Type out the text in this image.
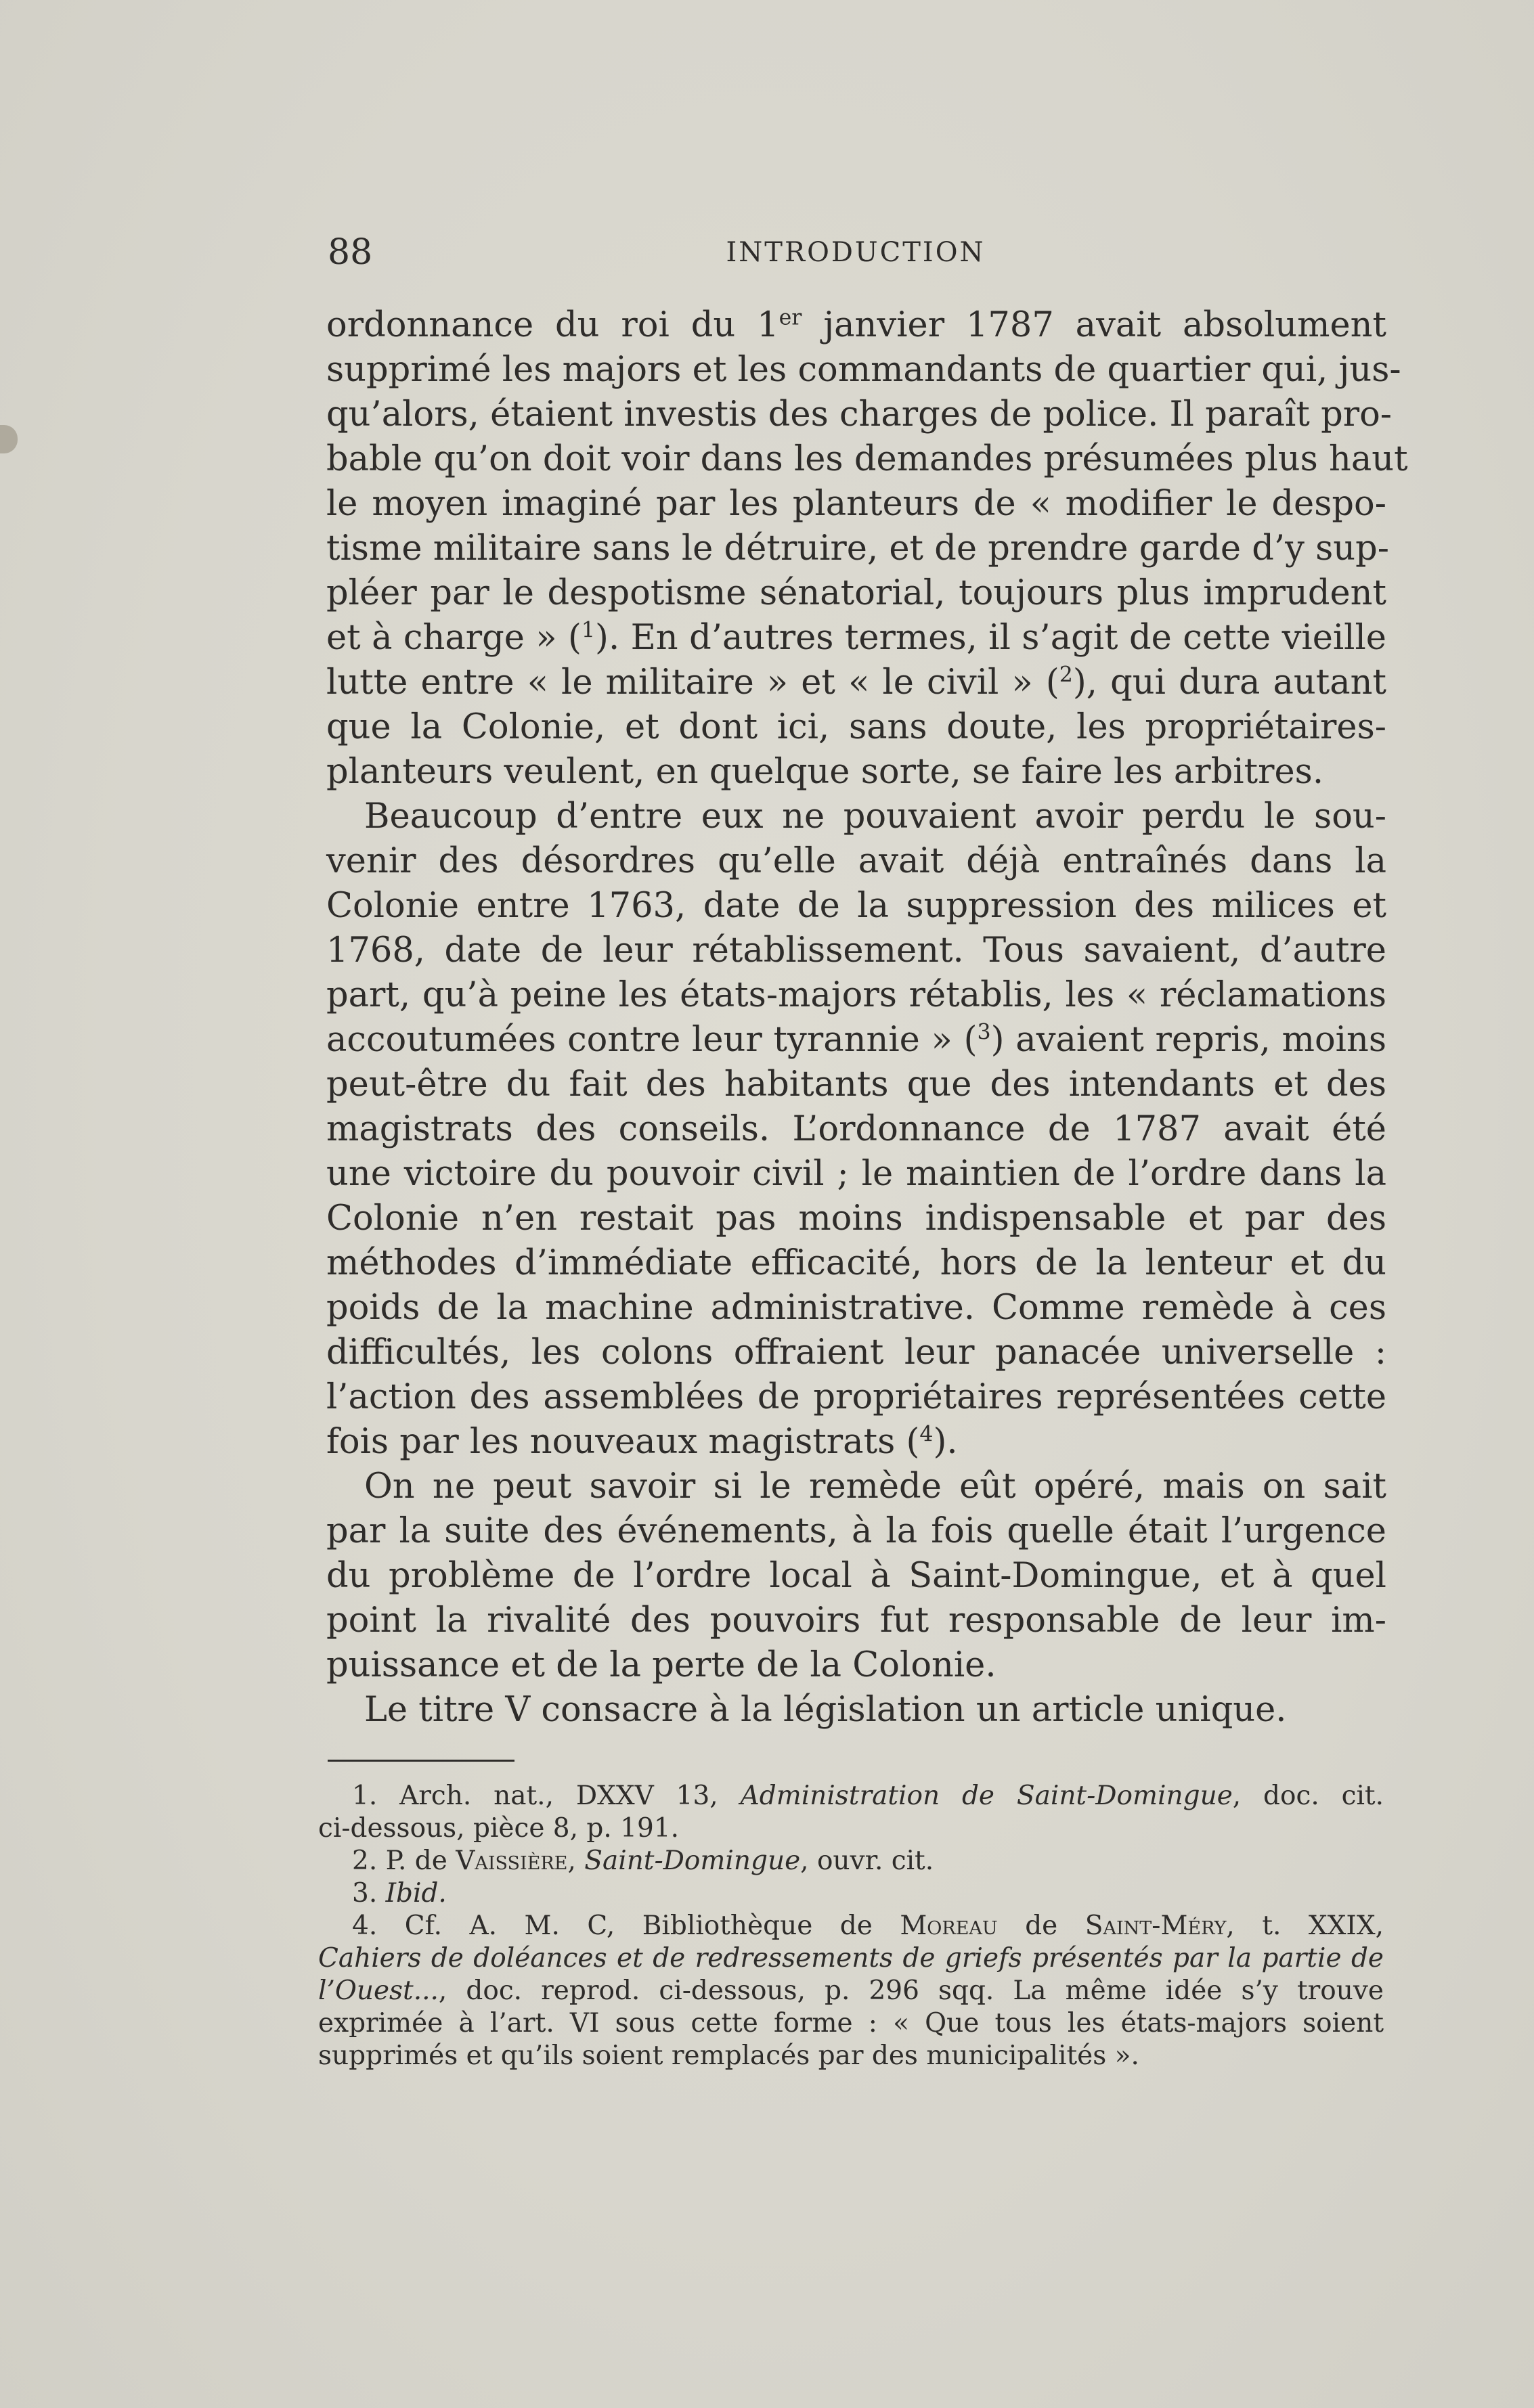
88	INTRODUCTION
ordonnance du roi du 1er janvier 1787 avait absolument
supprimé les majors et les commandants de quartier qui, jus-
qu’alors, étaient investis des charges de police. Il paraît pro-
bable qu’on doit voir dans les demandes présumées plus haut
le moyen imaginé par les planteurs de « modifier le despo-
tisme militaire sans le détruire, et de prendre garde d’y sup-
pléer par le despotisme sénatorial, toujours plus imprudent
et à charge » ($^1$). En d’autres termes, il s’agit de cette vieille
lutte entre « le militaire » et « le civil » ($^2$), qui dura autant
que la Colonie, et dont ici, sans doute, les propriétaires-
planteurs veulent, en quelque sorte, se faire les arbitres.
Beaucoup d’entre eux ne pouvaient avoir perdu le sou-
venir des désordres qu’elle avait déjà entraînés dans la
Colonie entre 1763, date de la suppression des milices et
1768, date de leur rétablissement. Tous savaient, d’autre
part, qu’à peine les états-majors rétablis, les « réclamations
accoutumées contre leur tyrannie » ($^3$) avaient repris, moins
peut-être du fait des habitants que des intendants et des
magistrats des conseils. L’ordonnance de 1787 avait été
une victoire du pouvoir civil ; le maintien de l’ordre dans la
Colonie n’en restait pas moins indispensable et par des
méthodes d’immédiate efficacité, hors de la lenteur et du
poids de la machine administrative. Comme remède à ces
difficultés, les colons offraient leur panacée universelle :
l’action des assemblées de propriétaires représentées cette
fois par les nouveaux magistrats ($^4$).
On ne peut savoir si le remède eût opéré, mais on sait
par la suite des événements, à la fois quelle était l’urgence
du problème de l’ordre local à Saint-Domingue, et à quel
point la rivalité des pouvoirs fut responsable de leur im-
puissance et de la perte de la Colonie.
Le titre V consacre à la législation un article unique.
1. Arch. nat., DXXV 13, Administration de Saint-Domingue, doc. cit.
ci-dessous, pièce 8, p. 191.
2. P. de Vaissière, Saint-Domingue, ouvr. cit.
3. Ibid.
4. Cf. A. M. C, Bibliothèque de Moreau de Saint-Méry, t. XXIX,
Cahiers de doléances et de redressements de griefs présentés par la partie de
l’Ouest..., doc. reprod. ci-dessous, p. 296 sqq. La même idée s’y trouve
exprimée à l’art. VI sous cette forme : « Que tous les états-majors soient
supprimés et qu’ils soient remplacés par des municipalités ».
